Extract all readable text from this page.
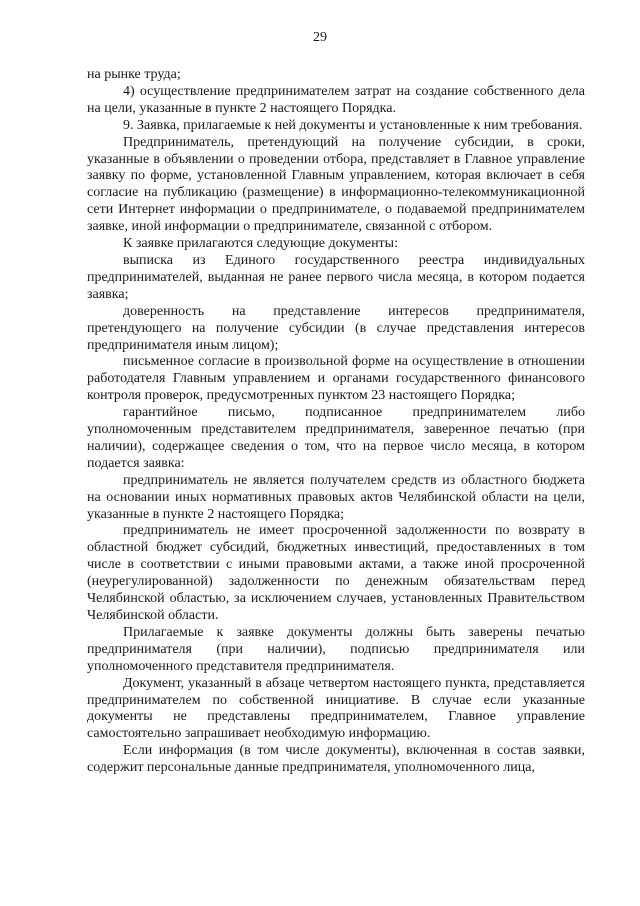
29

на рынке труда;

4) осуществление предпринимателем затрат на создание собственного дела на цели, указанные в пункте 2 настоящего Порядка.

9. Заявка, прилагаемые к ней документы и установленные к ним требования.

Предприниматель, претендующий на получение субсидии, в сроки, указанные в объявлении о проведении отбора, представляет в Главное управление заявку по форме, установленной Главным управлением, которая включает в себя согласие на публикацию (размещение) в информационно-телекоммуникационной сети Интернет информации о предпринимателе, о подаваемой предпринимателем заявке, иной информации о предпринимателе, связанной с отбором.

К заявке прилагаются следующие документы:

выписка из Единого государственного реестра индивидуальных предпринимателей, выданная не ранее первого числа месяца, в котором подается заявка;

доверенность на представление интересов предпринимателя, претендующего на получение субсидии (в случае представления интересов предпринимателя иным лицом);

письменное согласие в произвольной форме на осуществление в отношении работодателя Главным управлением и органами государственного финансового контроля проверок, предусмотренных пунктом 23 настоящего Порядка;

гарантийное письмо, подписанное предпринимателем либо уполномоченным представителем предпринимателя, заверенное печатью (при наличии), содержащее сведения о том, что на первое число месяца, в котором подается заявка:

предприниматель не является получателем средств из областного бюджета на основании иных нормативных правовых актов Челябинской области на цели, указанные в пункте 2 настоящего Порядка;

предприниматель не имеет просроченной задолженности по возврату в областной бюджет субсидий, бюджетных инвестиций, предоставленных в том числе в соответствии с иными правовыми актами, а также иной просроченной (неурегулированной) задолженности по денежным обязательствам перед Челябинской областью, за исключением случаев, установленных Правительством Челябинской области.

Прилагаемые к заявке документы должны быть заверены печатью предпринимателя (при наличии), подписью предпринимателя или уполномоченного представителя предпринимателя.

Документ, указанный в абзаце четвертом настоящего пункта, представляется предпринимателем по собственной инициативе. В случае если указанные документы не представлены предпринимателем, Главное управление самостоятельно запрашивает необходимую информацию.

Если информация (в том числе документы), включенная в состав заявки, содержит персональные данные предпринимателя, уполномоченного лица,
